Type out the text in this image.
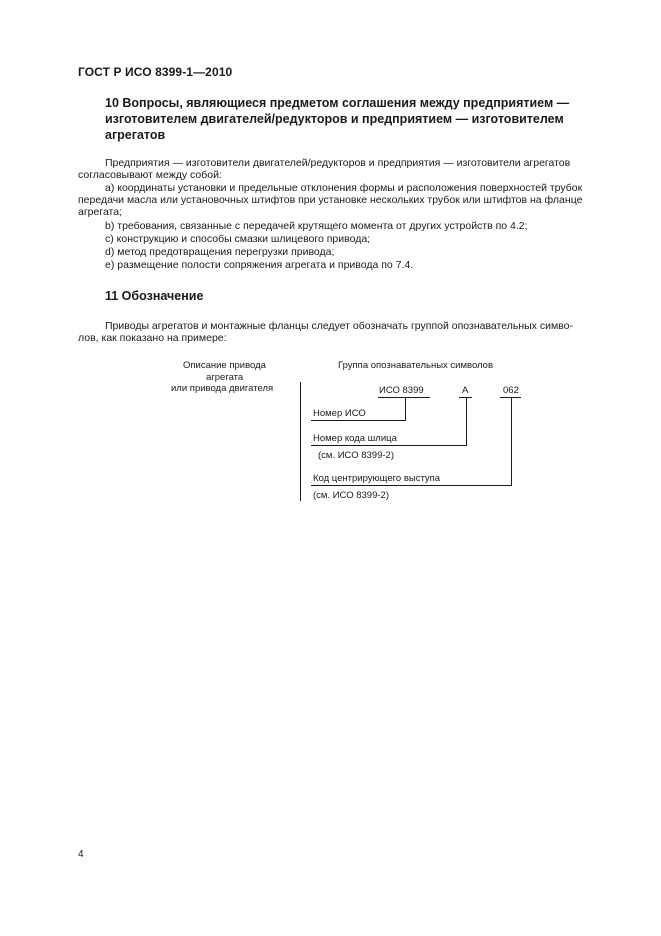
ГОСТ Р ИСО 8399-1—2010
10 Вопросы, являющиеся предметом соглашения между предприятием —
изготовителем двигателей/редукторов и предприятием — изготовителем
агрегатов
Предприятия — изготовители двигателей/редукторов и предприятия — изготовители агрегатов
согласовывают между собой:
а) координаты установки и предельные отклонения формы и расположения поверхностей трубок
передачи масла или установочных штифтов при установке нескольких трубок или штифтов на фланце
агрегата;
b) требования, связанные с передачей крутящего момента от других устройств по 4.2;
с) конструкцию и способы смазки шлицевого привода;
d) метод предотвращения перегрузки привода;
е) размещение полости сопряжения агрегата и привода по 7.4.
11 Обозначение
Приводы агрегатов и монтажные фланцы следует обозначать группой опознавательных симво-
лов, как показано на примере:
Описание привода
агрегата
или привода двигателя
Группа опознавательных символов
ИСО 8399	А	062
Номер ИСО
Номер кода шлица
(см. ИСО 8399-2)
Код центрирующего выступа
(см. ИСО 8399-2)
4
